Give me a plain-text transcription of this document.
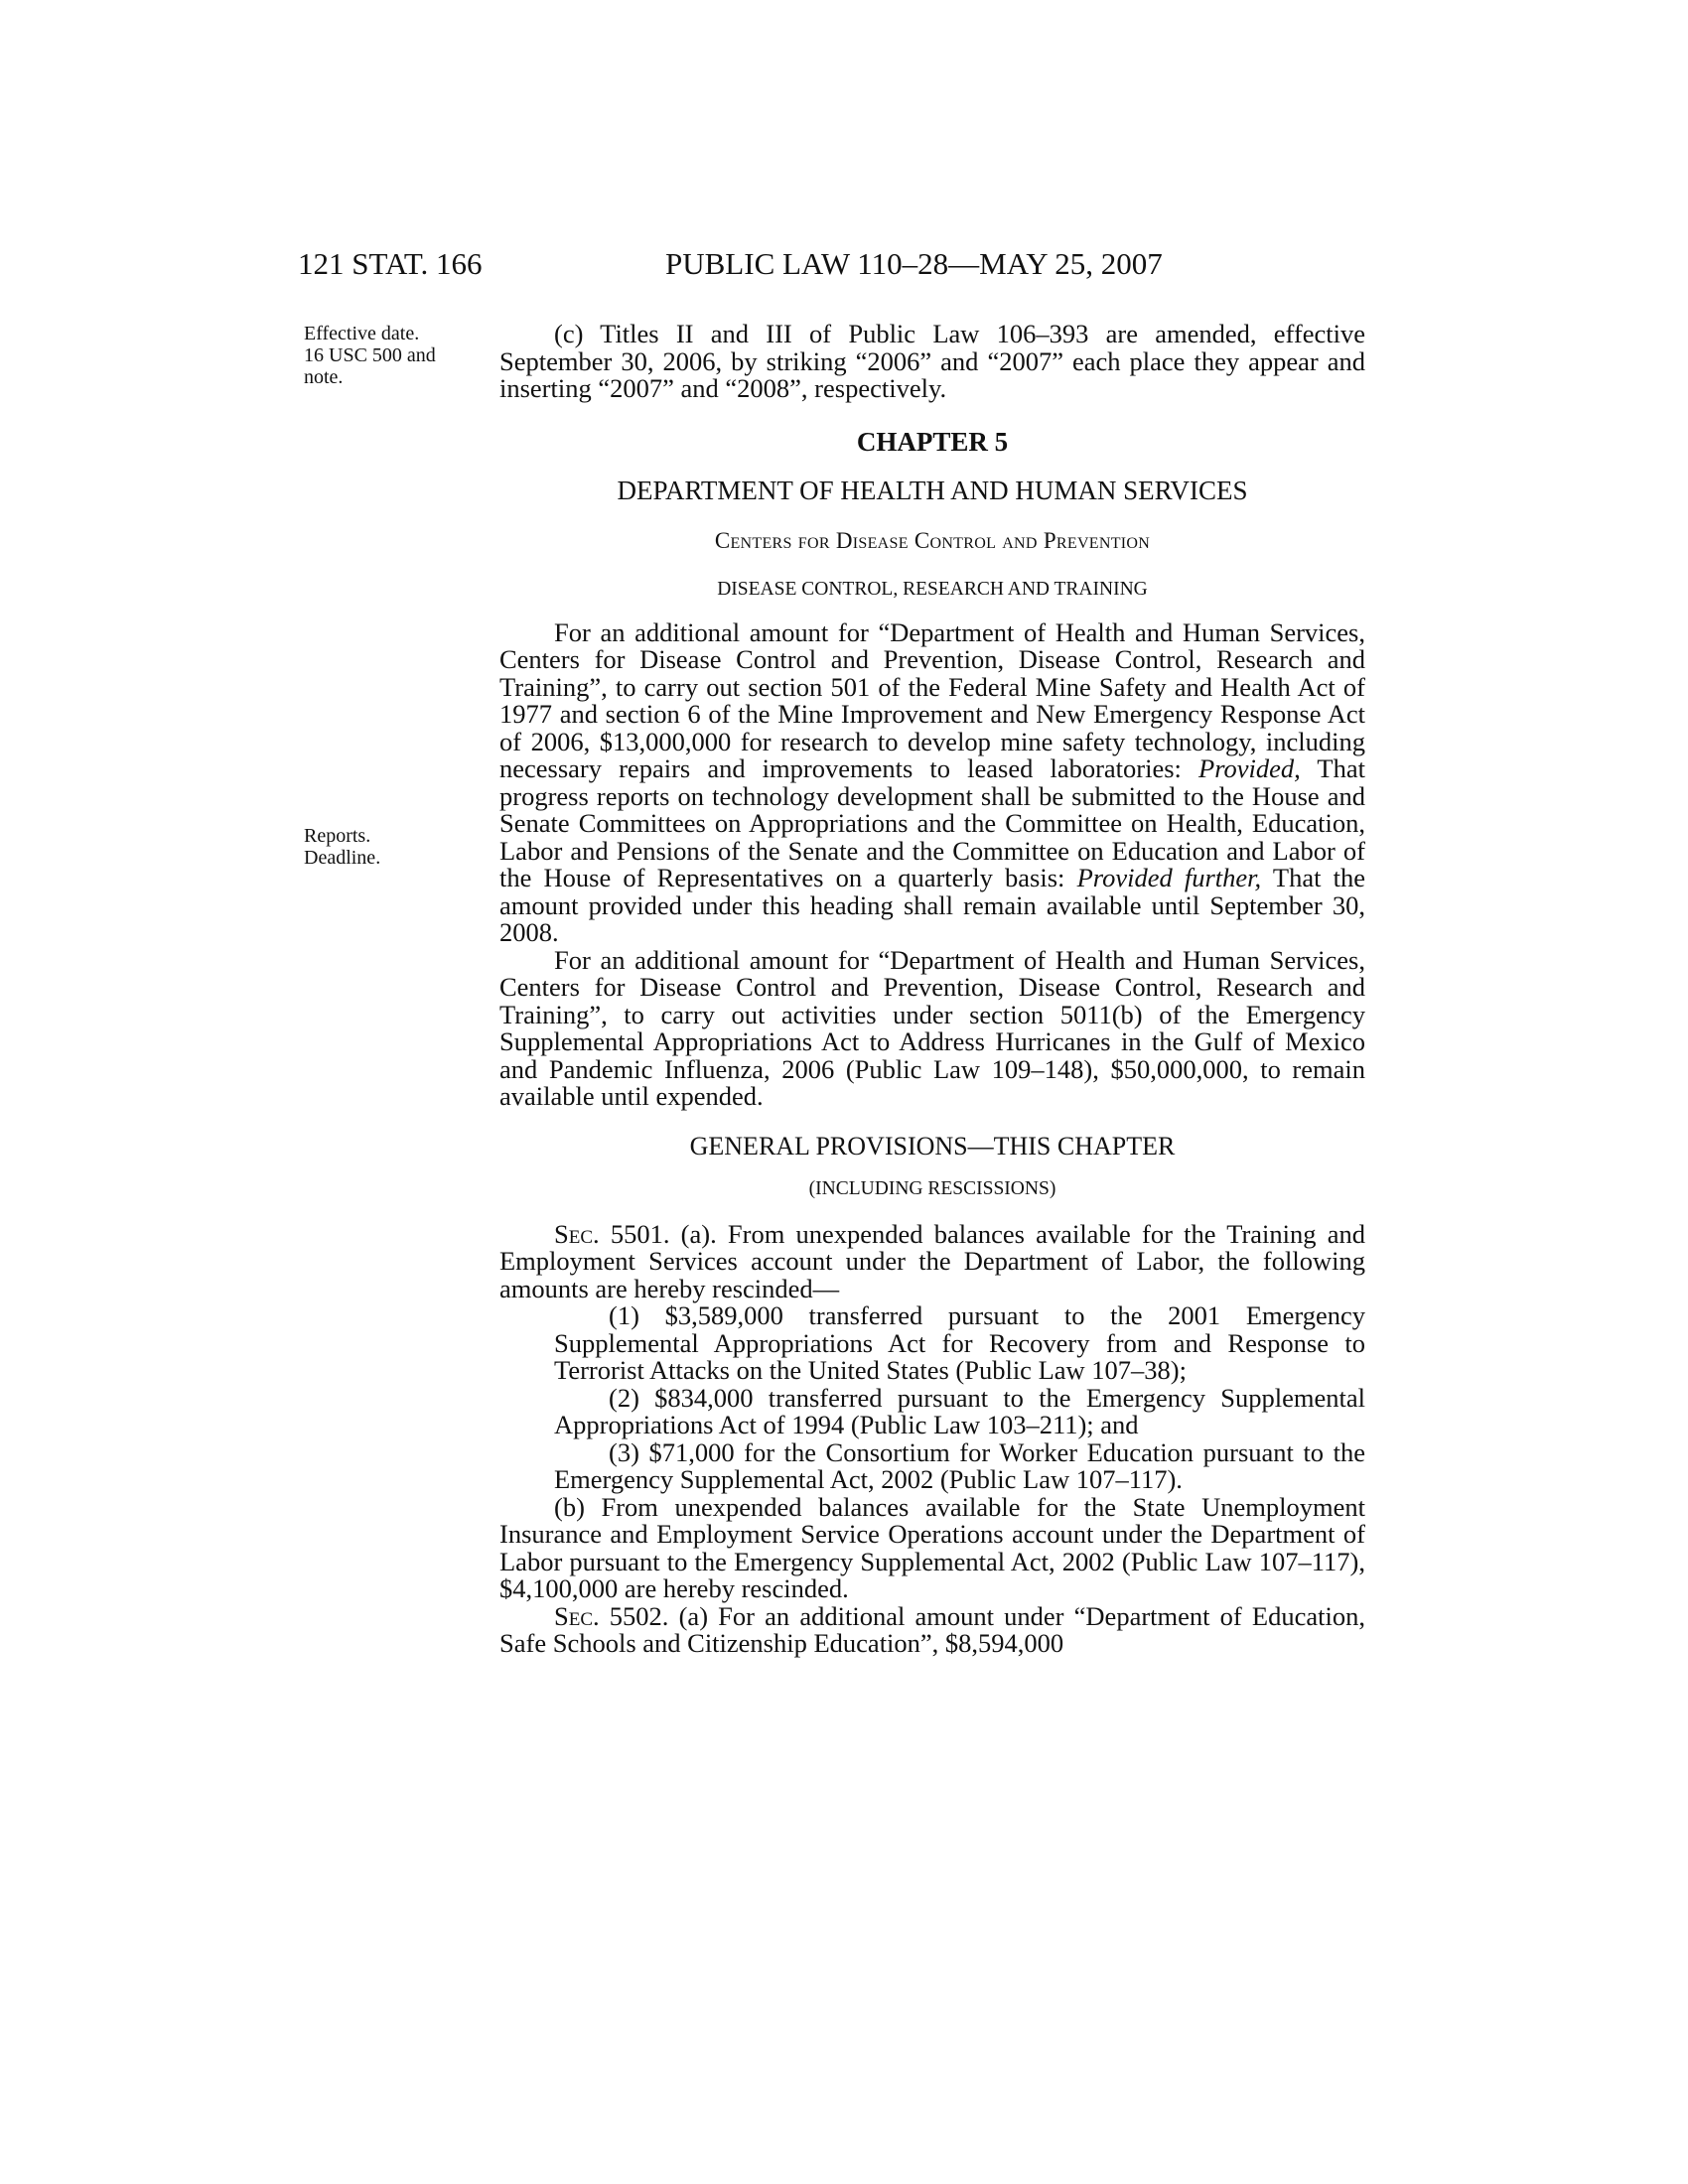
121 STAT. 166	PUBLIC LAW 110–28—MAY 25, 2007
Effective date.
16 USC 500 and
note.
Reports.
Deadline.

(c) Titles II and III of Public Law 106–393 are amended, effective September 30, 2006, by striking “2006” and “2007” each place they appear and inserting “2007” and “2008”, respectively.

CHAPTER 5

DEPARTMENT OF HEALTH AND HUMAN SERVICES

Centers for Disease Control and Prevention

DISEASE CONTROL, RESEARCH AND TRAINING

For an additional amount for “Department of Health and Human Services, Centers for Disease Control and Prevention, Disease Control, Research and Training”, to carry out section 501 of the Federal Mine Safety and Health Act of 1977 and section 6 of the Mine Improvement and New Emergency Response Act of 2006, $13,000,000 for research to develop mine safety technology, including necessary repairs and improvements to leased laboratories: Provided, That progress reports on technology development shall be submitted to the House and Senate Committees on Appropriations and the Committee on Health, Education, Labor and Pensions of the Senate and the Committee on Education and Labor of the House of Representatives on a quarterly basis: Provided further, That the amount provided under this heading shall remain available until September 30, 2008.

For an additional amount for “Department of Health and Human Services, Centers for Disease Control and Prevention, Disease Control, Research and Training”, to carry out activities under section 5011(b) of the Emergency Supplemental Appropriations Act to Address Hurricanes in the Gulf of Mexico and Pandemic Influenza, 2006 (Public Law 109–148), $50,000,000, to remain available until expended.

GENERAL PROVISIONS—THIS CHAPTER

(INCLUDING RESCISSIONS)

Sec. 5501. (a). From unexpended balances available for the Training and Employment Services account under the Department of Labor, the following amounts are hereby rescinded—

(1) $3,589,000 transferred pursuant to the 2001 Emergency Supplemental Appropriations Act for Recovery from and Response to Terrorist Attacks on the United States (Public Law 107–38);

(2) $834,000 transferred pursuant to the Emergency Supplemental Appropriations Act of 1994 (Public Law 103–211); and

(3) $71,000 for the Consortium for Worker Education pursuant to the Emergency Supplemental Act, 2002 (Public Law 107–117).

(b) From unexpended balances available for the State Unemployment Insurance and Employment Service Operations account under the Department of Labor pursuant to the Emergency Supplemental Act, 2002 (Public Law 107–117), $4,100,000 are hereby rescinded.

Sec. 5502. (a) For an additional amount under “Department of Education, Safe Schools and Citizenship Education”, $8,594,000
